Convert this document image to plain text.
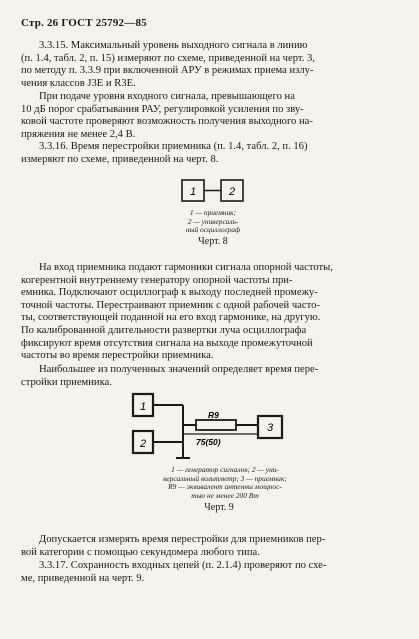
Стр. 26 ГОСТ 25792—85
3.3.15. Максимальный уровень выходного сигнала в линию
(п. 1.4, табл. 2, п. 15) измеряют по схеме, приведенной на черт. 3,
по методу п. 3.3.9 при включенной АРУ в режимах приема излу-
чения классов J3E и R3E.
При подаче уровня входного сигнала, превышающего на
10 дБ порог срабатывания РАУ, регулировкой усиления по зву-
ковой частоте проверяют возможность получения выходного на-
пряжения не менее 2,4 В.
3.3.16. Время перестройки приемника (п. 1.4, табл. 2, п. 16)
измеряют по схеме, приведенной на черт. 8.
1	2
1 — приемник;
2 — универсаль-
ный осциллограф
Черт. 8
На вход приемника подают гармоники сигнала опорной частоты,
когерентной внутреннему генератору опорной частоты при-
емника. Подключают осциллограф к выходу последней промежу-
точной частоты. Перестраивают приемник с одной рабочей часто-
ты, соответствующей поданной на его вход гармонике, на другую.
По калиброванной длительности развертки луча осциллографа
фиксируют время отсутствия сигнала на выходе промежуточной
частоты во время перестройки приемника.
Наибольшее из полученных значений определяет время пере-
стройки приемника.
1
2
3
R9
75(50)
1 — генератор сигналов; 2 — уни-
версальный вольтметр; 3 — приемник;
R9 — эквивалент антенны мощнос-
тью не менее 200 Вт
Черт. 9
Допускается измерять время перестройки для приемников пер-
вой категории с помощью секундомера любого типа.
3.3.17. Сохранность входных цепей (п. 2.1.4) проверяют по схе-
ме, приведенной на черт. 9.
